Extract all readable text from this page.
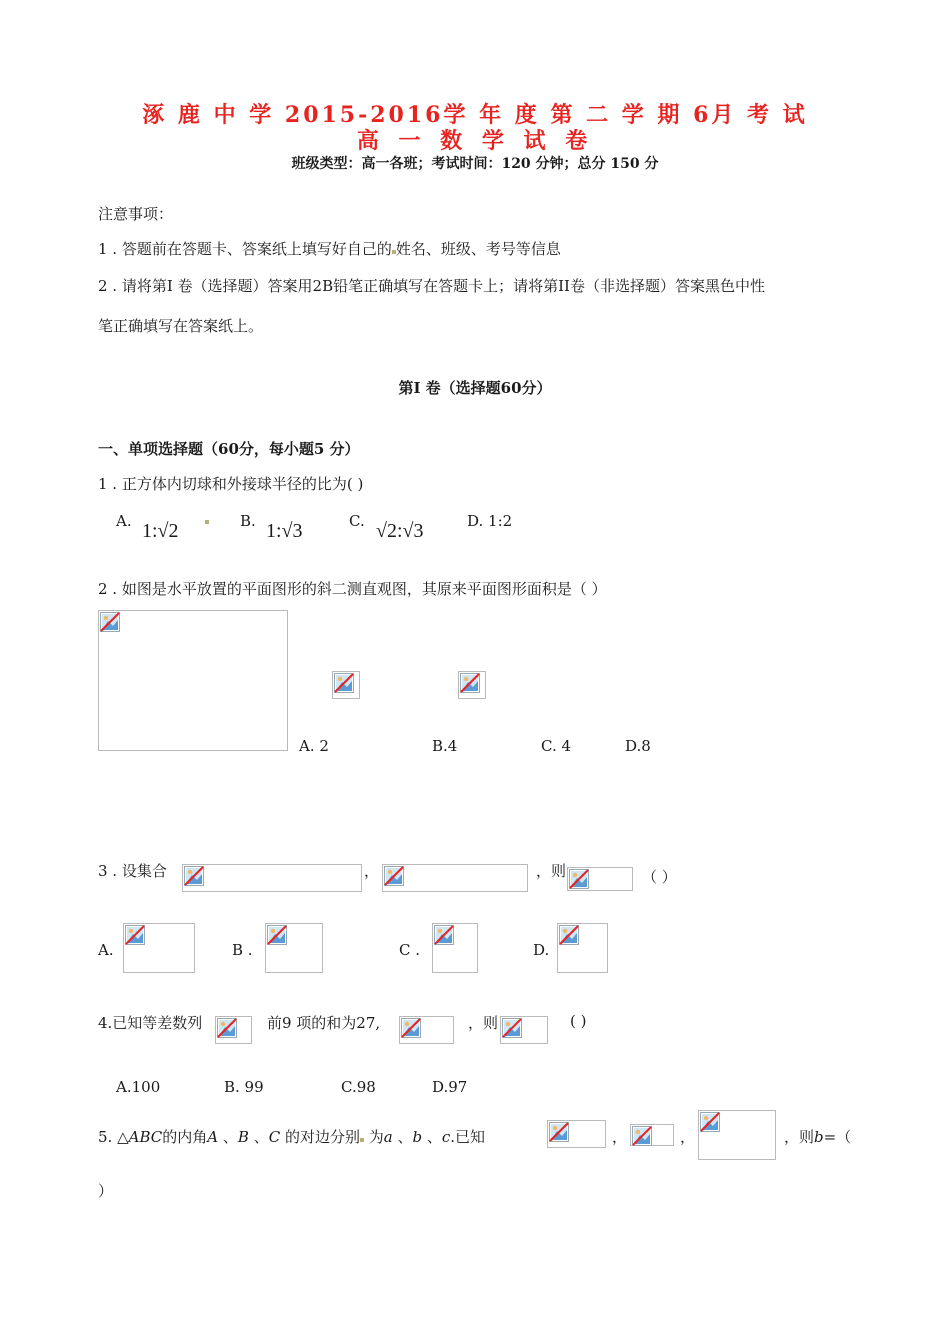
涿 鹿 中 学 2015-2016学 年 度 第 二 学 期 6月 考 试
高 一 数 学 试 卷
班级类型：高一各班；考试时间：120 分钟；总分 150 分
注意事项：
1 . 答题前在答题卡、答案纸上填写好自己的 姓名、班级、考号等信息
2 . 请将第I 卷（选择题）答案用2B铅笔正确填写在答题卡上；请将第II卷（非选择题）答案黑色中性
笔正确填写在答案纸上。
第I 卷（选择题60分）
一、单项选择题（60分，每小题5 分）
1 . 正方体内切球和外接球半径的比为( )
A. 1:√2	B. 1:√3	C. √2:√3	D. 1:2
2 . 如图是水平放置的平面图形的斜二测直观图，其原来平面图形面积是（ ）
A. 2	B.4	C. 4	D.8
3 . 设集合	，	，则	（ ）
A.	B .	C .	D.
4.已知等差数列	前9 项的和为27,	，则	( )
A.100	B. 99	C.98	D.97
5. △ABC的内角A 、B 、C 的对边分别 为a 、b 、c.已知	，	，	，则b=（
）
